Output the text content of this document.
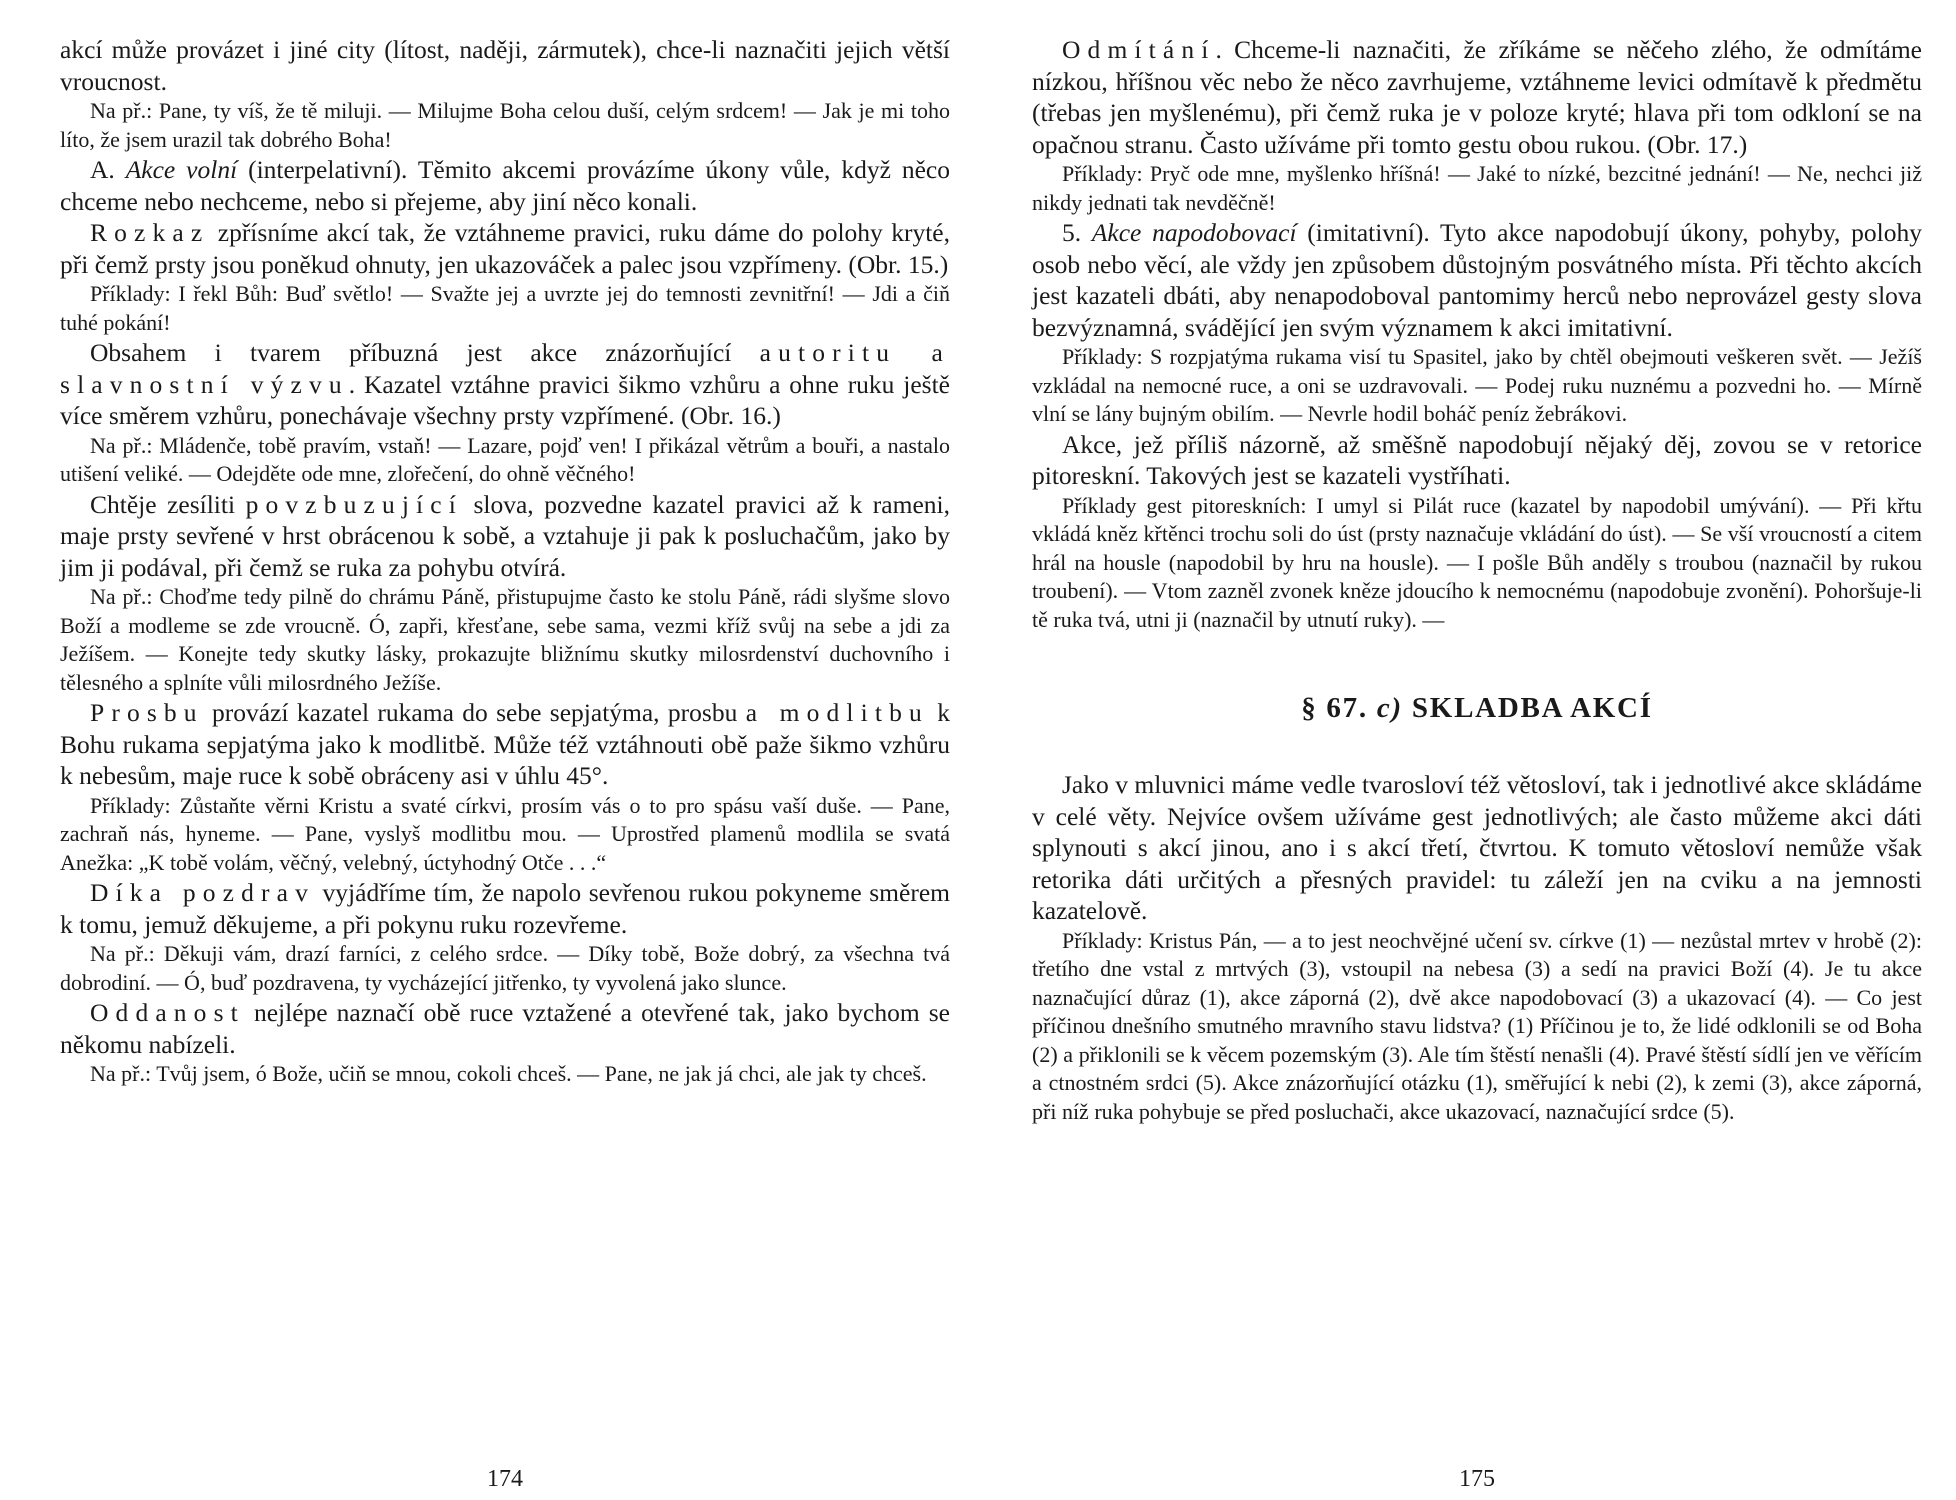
akcí může provázet i jiné city (lítost, naději, zármutek), chce-li naznačiti jejich větší vroucnost.

Na př.: Pane, ty víš, že tě miluji. — Milujme Boha celou duší, celým srdcem! — Jak je mi toho líto, že jsem urazil tak dobrého Boha!

A. Akce volní (interpelativní). Těmito akcemi provázíme úkony vůle, když něco chceme nebo nechceme, nebo si přejeme, aby jiní něco konali.

Rozkaz zpřísníme akcí tak, že vztáhneme pravici, ruku dáme do polohy kryté, při čemž prsty jsou poněkud ohnuty, jen ukazováček a palec jsou vzpřímeny. (Obr. 15.)

Příklady: I řekl Bůh: Buď světlo! — Svažte jej a uvrzte jej do temnosti zevnitřní! — Jdi a čiň tuhé pokání!

Obsahem i tvarem příbuzná jest akce znázorňující autoritu a slavnostní výzvu. Kazatel vztáhne pravici šikmo vzhůru a ohne ruku ještě více směrem vzhůru, ponechávaje všechny prsty vzpřímené. (Obr. 16.)

Na př.: Mládenče, tobě pravím, vstaň! — Lazare, pojď ven! I přikázal větrům a bouři, a nastalo utišení veliké. — Odejděte ode mne, zlořečení, do ohně věčného!

Chtěje zesíliti povzbuzující slova, pozvedne kazatel pravici až k rameni, maje prsty sevřené v hrst obrácenou k sobě, a vztahuje ji pak k posluchačům, jako by jim ji podával, při čemž se ruka za pohybu otvírá.

Na př.: Choďme tedy pilně do chrámu Páně, přistupujme často ke stolu Páně, rádi slyšme slovo Boží a modleme se zde vroucně. Ó, zapři, křesťane, sebe sama, vezmi kříž svůj na sebe a jdi za Ježíšem. — Konejte tedy skutky lásky, prokazujte bližnímu skutky milosrdenství duchovního i tělesného a splníte vůli milosrdného Ježíše.

Prosbu provází kazatel rukama do sebe sepjatýma, prosbu a modlitbu k Bohu rukama sepjatýma jako k modlitbě. Může též vztáhnouti obě paže šikmo vzhůru k nebesům, maje ruce k sobě obráceny asi v úhlu 45°.

Příklady: Zůstaňte věrni Kristu a svaté církvi, prosím vás o to pro spásu vaší duše. — Pane, zachraň nás, hyneme. — Pane, vyslyš modlitbu mou. — Uprostřed plamenů modlila se svatá Anežka: „K tobě volám, věčný, velebný, úctyhodný Otče . . .“

Díka pozdrav vyjádříme tím, že napolo sevřenou rukou pokyneme směrem k tomu, jemuž děkujeme, a při pokynu ruku rozevřeme.

Na př.: Děkuji vám, drazí farníci, z celého srdce. — Díky tobě, Bože dobrý, za všechna tvá dobrodiní. — Ó, buď pozdravena, ty vycházející jitřenko, ty vyvolená jako slunce.

Oddanost nejlépe naznačí obě ruce vztažené a otevřené tak, jako bychom se někomu nabízeli.

Na př.: Tvůj jsem, ó Bože, učiň se mnou, cokoli chceš. — Pane, ne jak já chci, ale jak ty chceš.

174

Odmítání. Chceme-li naznačiti, že zříkáme se něčeho zlého, že odmítáme nízkou, hříšnou věc nebo že něco zavrhujeme, vztáhneme levici odmítavě k předmětu (třebas jen myšlenému), při čemž ruka je v poloze kryté; hlava při tom odkloní se na opačnou stranu. Často užíváme při tomto gestu obou rukou. (Obr. 17.)

Příklady: Pryč ode mne, myšlenko hříšná! — Jaké to nízké, bezcitné jednání! — Ne, nechci již nikdy jednati tak nevděčně!

5. Akce napodobovací (imitativní). Tyto akce napodobují úkony, pohyby, polohy osob nebo věcí, ale vždy jen způsobem důstojným posvátného místa. Při těchto akcích jest kazateli dbáti, aby nenapodoboval pantomimy herců nebo neprovázel gesty slova bezvýznamná, svádějící jen svým významem k akci imitativní.

Příklady: S rozpjatýma rukama visí tu Spasitel, jako by chtěl obejmouti veškeren svět. — Ježíš vzkládal na nemocné ruce, a oni se uzdravovali. — Podej ruku nuznému a pozvedni ho. — Mírně vlní se lány bujným obilím. — Nevrle hodil boháč peníz žebrákovi.

Akce, jež příliš názorně, až směšně napodobují nějaký děj, zovou se v retorice pitoreskní. Takových jest se kazateli vystříhati.

Příklady gest pitoreskních: I umyl si Pilát ruce (kazatel by napodobil umývání). — Při křtu vkládá kněz křtěnci trochu soli do úst (prsty naznačuje vkládání do úst). — Se vší vroucností a citem hrál na housle (napodobil by hru na housle). — I pošle Bůh anděly s troubou (naznačil by rukou troubení). — Vtom zazněl zvonek kněze jdoucího k nemocnému (napodobuje zvonění). Pohoršuje-li tě ruka tvá, utni ji (naznačil by utnutí ruky). —

§ 67. c) SKLADBA AKCÍ

Jako v mluvnici máme vedle tvarosloví též větosloví, tak i jednotlivé akce skládáme v celé věty. Nejvíce ovšem užíváme gest jednotlivých; ale často můžeme akci dáti splynouti s akcí jinou, ano i s akcí třetí, čtvrtou. K tomuto větosloví nemůže však retorika dáti určitých a přesných pravidel: tu záleží jen na cviku a na jemnosti kazatelově.

Příklady: Kristus Pán, — a to jest neochvějné učení sv. církve (1) — nezůstal mrtev v hrobě (2): třetího dne vstal z mrtvých (3), vstoupil na nebesa (3) a sedí na pravici Boží (4). Je tu akce naznačující důraz (1), akce záporná (2), dvě akce napodobovací (3) a ukazovací (4). — Co jest příčinou dnešního smutného mravního stavu lidstva? (1) Příčinou je to, že lidé odklonili se od Boha (2) a přiklonili se k věcem pozemským (3). Ale tím štěstí nenašli (4). Pravé štěstí sídlí jen ve věřícím a ctnostném srdci (5). Akce znázorňující otázku (1), směřující k nebi (2), k zemi (3), akce záporná, při níž ruka pohybuje se před posluchači, akce ukazovací, naznačující srdce (5).

175
